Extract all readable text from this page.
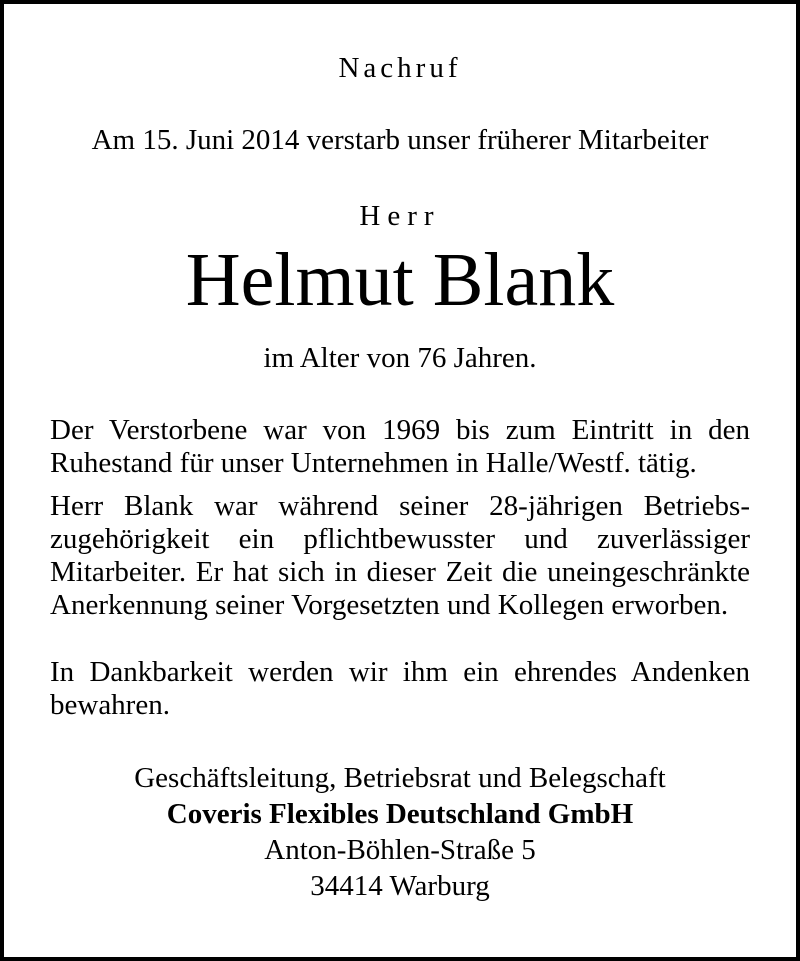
Nachruf
Am 15. Juni 2014 verstarb unser früherer Mitarbeiter
Herr
Helmut Blank
im Alter von 76 Jahren.
Der Verstorbene war von 1969 bis zum Eintritt in den Ruhestand für unser Unternehmen in Halle/Westf. tätig.
Herr Blank war während seiner 28-jährigen Betriebszugehörigkeit ein pflichtbewusster und zuverlässiger Mitarbeiter. Er hat sich in dieser Zeit die uneingeschränkte Anerkennung seiner Vorgesetzten und Kollegen erworben.
In Dankbarkeit werden wir ihm ein ehrendes Andenken bewahren.
Geschäftsleitung, Betriebsrat und Belegschaft
Coveris Flexibles Deutschland GmbH
Anton-Böhlen-Straße 5
34414 Warburg
